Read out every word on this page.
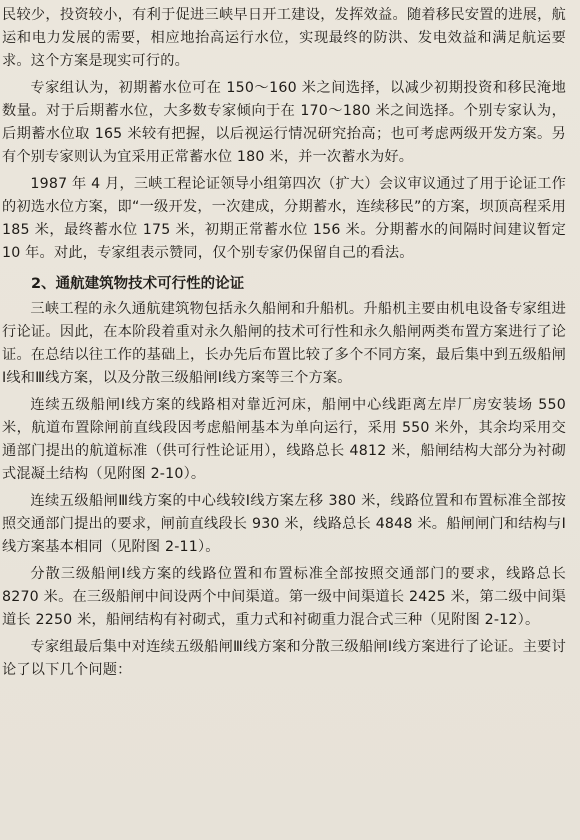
民较少，投资较小，有利于促进三峡早日开工建设，发挥效益。随着移民安置的进展，航运和电力发展的需要，相应地抬高运行水位，实现最终的防洪、发电效益和满足航运要求。这个方案是现实可行的。

专家组认为，初期蓄水位可在 150～160 米之间选择，以减少初期投资和移民淹地数量。对于后期蓄水位，大多数专家倾向于在 170～180 米之间选择。个别专家认为，后期蓄水位取 165 米较有把握，以后视运行情况研究抬高；也可考虑两级开发方案。另有个别专家则认为宜采用正常蓄水位 180 米，并一次蓄水为好。

1987 年 4 月，三峡工程论证领导小组第四次（扩大）会议审议通过了用于论证工作的初选水位方案，即“一级开发，一次建成，分期蓄水，连续移民”的方案，坝顶高程采用 185 米，最终蓄水位 175 米，初期正常蓄水位 156 米。分期蓄水的间隔时间建议暂定 10 年。对此，专家组表示赞同，仅个别专家仍保留自己的看法。

2、通航建筑物技术可行性的论证

三峡工程的永久通航建筑物包括永久船闸和升船机。升船机主要由机电设备专家组进行论证。因此，在本阶段着重对永久船闸的技术可行性和永久船闸两类布置方案进行了论证。在总结以往工作的基础上，长办先后布置比较了多个不同方案，最后集中到五级船闸Ⅰ线和Ⅲ线方案，以及分散三级船闸Ⅰ线方案等三个方案。

连续五级船闸Ⅰ线方案的线路相对靠近河床，船闸中心线距离左岸厂房安装场 550 米，航道布置除闸前直线段因考虑船闸基本为单向运行，采用 550 米外，其余均采用交通部门提出的航道标准（供可行性论证用），线路总长 4812 米，船闸结构大部分为衬砌式混凝土结构（见附图 2-10）。

连续五级船闸Ⅲ线方案的中心线较Ⅰ线方案左移 380 米，线路位置和布置标准全部按照交通部门提出的要求，闸前直线段长 930 米，线路总长 4848 米。船闸闸门和结构与Ⅰ线方案基本相同（见附图 2-11）。

分散三级船闸Ⅰ线方案的线路位置和布置标准全部按照交通部门的要求，线路总长 8270 米。在三级船闸中间设两个中间渠道。第一级中间渠道长 2425 米，第二级中间渠道长 2250 米，船闸结构有衬砌式，重力式和衬砌重力混合式三种（见附图 2-12）。

专家组最后集中对连续五级船闸Ⅲ线方案和分散三级船闸Ⅰ线方案进行了论证。主要讨论了以下几个问题：
